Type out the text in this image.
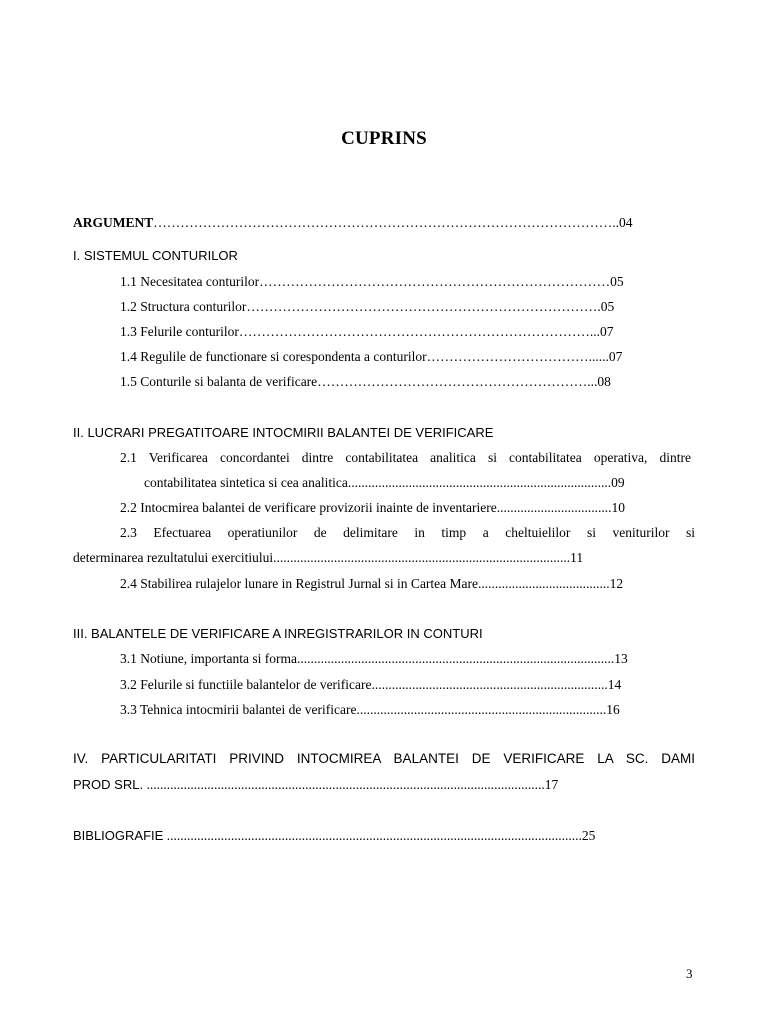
CUPRINS
ARGUMENT…………………………………………………………………………………………..04
I. SISTEMUL CONTURILOR
1.1 Necesitatea conturilor……………………………………………………………………05
1.2 Structura conturilor…………………………………………………………………….05
1.3 Felurile conturilor……………………………………………………………………...07
1.4 Regulile de functionare si corespondenta a conturilor………………………………......07
1.5 Conturile si balanta de verificare……………………………………………………...08
II. LUCRARI PREGATITOARE INTOCMIRII BALANTEI DE VERIFICARE
2.1 Verificarea concordantei dintre contabilitatea analitica si contabilitatea operativa, dintre
contabilitatea sintetica si cea analitica..............................................................................09
2.2 Intocmirea balantei de verificare provizorii inainte de inventariere..................................10
2.3 Efectuarea operatiunilor de delimitare in timp a cheltuielilor si veniturilor si
determinarea rezultatului exercitiului........................................................................................11
2.4 Stabilirea rulajelor lunare in Registrul Jurnal si in Cartea Mare.......................................12
III. BALANTELE DE VERIFICARE A INREGISTRARILOR IN CONTURI
3.1 Notiune, importanta si forma..............................................................................................13
3.2 Felurile si functiile balantelor de verificare......................................................................14
3.3 Tehnica intocmirii balantei de verificare..........................................................................16
IV. PARTICULARITATI PRIVIND INTOCMIREA BALANTEI DE VERIFICARE LA SC. DAMI
PROD SRL. ......................................................................................................................17
BIBLIOGRAFIE ...........................................................................................................................25
3
